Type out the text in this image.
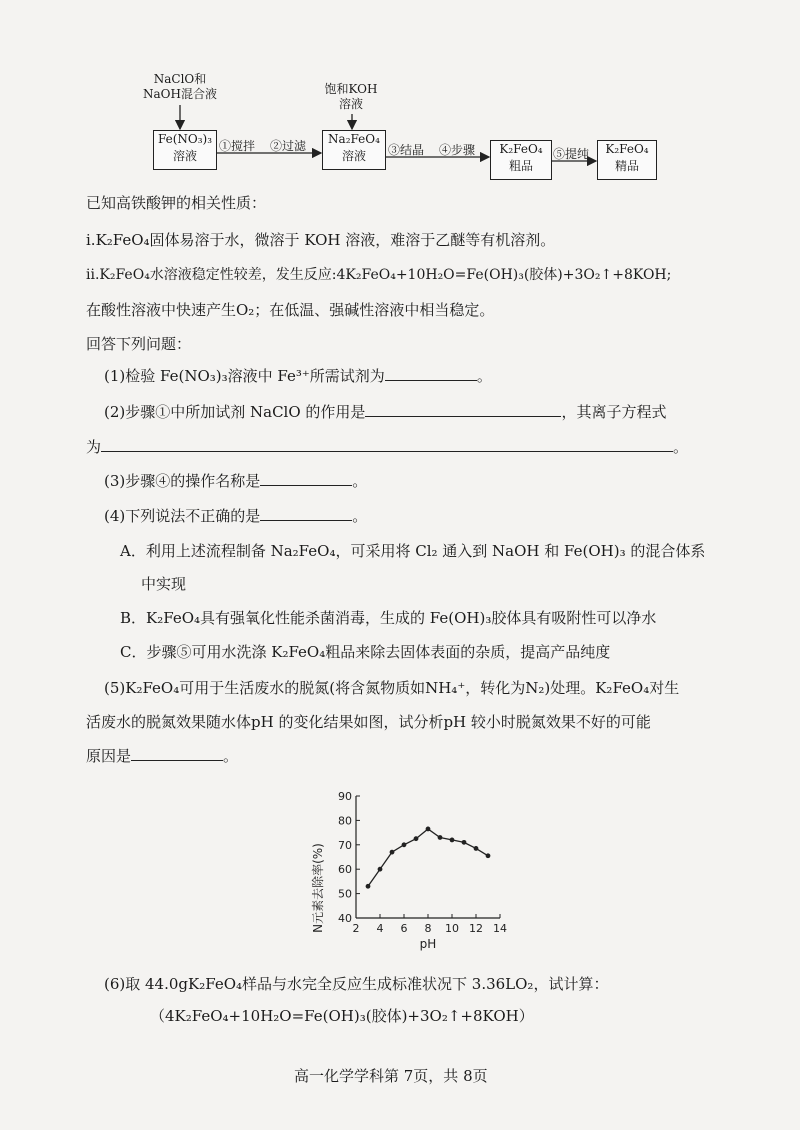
NaClO和
NaOH混合液	饱和KOH
溶液
Fe(NO₃)₃
溶液
Na₂FeO₄
溶液	K₂FeO₄
粗品
K₂FeO₄
精品
①搅拌 ②过滤	③结晶 ④步骤	⑤提纯
已知高铁酸钾的相关性质：
i.K₂FeO₄固体易溶于水，微溶于 KOH 溶液，难溶于乙醚等有机溶剂。
ii.K₂FeO₄水溶液稳定性较差，发生反应:4K₂FeO₄+10H₂O=Fe(OH)₃(胶体)+3O₂↑+8KOH;
在酸性溶液中快速产生O₂；在低温、强碱性溶液中相当稳定。
回答下列问题：
(1)检验 Fe(NO₃)₃溶液中 Fe³⁺所需试剂为	。
(2)步骤①中所加试剂 NaClO 的作用是	，其离子方程式
为	。
(3)步骤④的操作名称是	。
(4)下列说法不正确的是	。
A．利用上述流程制备 Na₂FeO₄，可采用将 Cl₂ 通入到 NaOH 和 Fe(OH)₃ 的混合体系
中实现
B．K₂FeO₄具有强氧化性能杀菌消毒，生成的 Fe(OH)₃胶体具有吸附性可以净水
C．步骤⑤可用水洗涤 K₂FeO₄粗品来除去固体表面的杂质，提高产品纯度
(5)K₂FeO₄可用于生活废水的脱氮(将含氮物质如NH₄⁺，转化为N₂)处理。K₂FeO₄对生
活废水的脱氮效果随水体pH 的变化结果如图，试分析pH 较小时脱氮效果不好的可能
原因是	。
N元素去除率(%)
pH
40
50
60
70
80
90
2 4 6 8 10 12 14
(6)取 44.0gK₂FeO₄样品与水完全反应生成标准状况下 3.36LO₂，试计算：
（4K₂FeO₄+10H₂O=Fe(OH)₃(胶体)+3O₂↑+8KOH）
高一化学学科第 7页，共 8页
